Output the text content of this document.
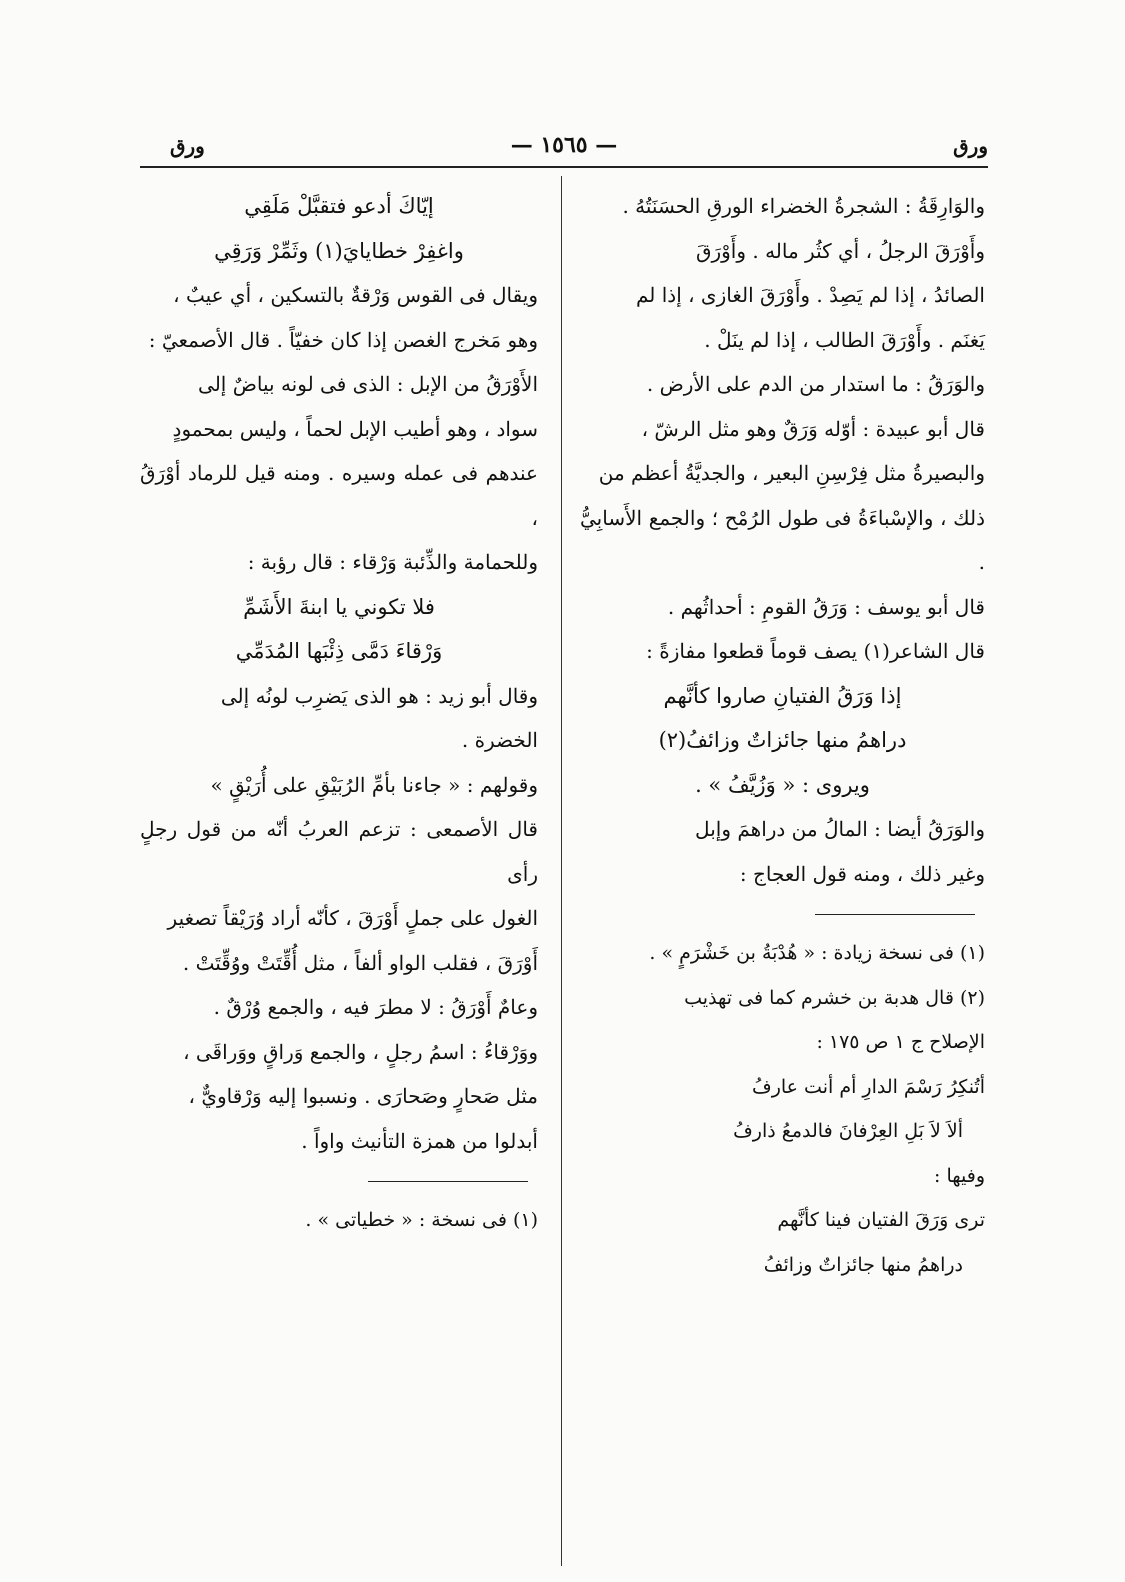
ورق
— ١٥٦٥ —
ورق

والوَارِقَةُ : الشجرةُ الخضراء الورقِ الحسَنَتُهُ .

وأَوْرَقَ الرجلُ ، أي كثُر ماله . وأَوْرَقَ

الصائدُ ، إذا لم يَصِدْ . وأَوْرَقَ الغازى ، إذا لم

يَغنَم . وأَوْرَقَ الطالب ، إذا لم ينَلْ .

والوَرَقُ : ما استدار من الدم على الأرض .

قال أبو عبيدة : أوّله وَرَقٌ وهو مثل الرشّ ،

والبصيرةُ مثل فِرْسِنِ البعير ، والجديَّةُ أعظم من

ذلك ، والإسْباءَةُ فى طول الرُمْح ؛ والجمع الأَسابِيُّ .

قال أبو يوسف : وَرَقُ القومِ : أحداثُهم .

قال الشاعر(١) يصف قوماً قطعوا مفازةً :

إذا وَرَقُ الفتيانِ صاروا كأنَّهم

دراهمُ منها جائزاتٌ وزائفُ(٢)

ويروى : « وَزُيَّفُ » .

والوَرَقُ أيضا : المالُ من دراهمَ وإبل

وغير ذلك ، ومنه قول العجاج :

(١) فى نسخة زيادة : « هُدْبَةُ بن خَشْرَمٍ » .

(٢) قال هدبة بن خشرم كما فى تهذيب

الإصلاح ج ١ ص ١٧٥ :

أتُنكِرُ رَسْمَ الدارِ أم أنت عارفُ

ألاَ لاَ بَلِ العِرْفانَ فالدمعُ ذارفُ

وفيها :

ترى وَرَقَ الفتيان فينا كأنَّهم

دراهمُ منها جائزاتٌ وزائفُ

إيّاكَ أدعو فتقبَّلْ مَلَقِي

واغفِرْ خطايايَ(١) وثَمِّرْ وَرَقِي

ويقال فى القوس وَرْقةٌ بالتسكين ، أي عيبٌ ،

وهو مَخرج الغصن إذا كان خفيّاً . قال الأصمعيّ :

الأَوْرَقُ من الإبل : الذى فى لونه بياضٌ إلى

سواد ، وهو أطيب الإبل لحماً ، وليس بمحمودٍ

عندهم فى عمله وسيره . ومنه قيل للرماد أوْرَقُ ،

وللحمامة والذِّئبة وَرْقاء : قال رؤبة :

فلا تكوني يا ابنةَ الأَشَمِّ

وَرْقاءَ دَمَّى ذِئْبَها المُدَمِّي

وقال أبو زيد : هو الذى يَضرِب لونُه إلى

الخضرة .

وقولهم : « جاءنا بأمِّ الرُبَيْقِ على أُرَيْقٍ »

قال الأصمعى : تزعم العربُ أنّه من قول رجلٍ رأى

الغول على جملٍ أَوْرَقَ ، كأنّه أراد وُرَيْقاً تصغير

أَوْرَقَ ، فقلب الواو ألفاً ، مثل أُقِّتَتْ ووُقِّتَتْ .

وعامٌ أَوْرَقُ : لا مطرَ فيه ، والجمع وُرْقٌ .

ووَرْقاءُ : اسمُ رجلٍ ، والجمع وَراقٍ ووَراقَى ،

مثل صَحارٍ وصَحارَى . ونسبوا إليه وَرْقاويٌّ ،

أبدلوا من همزة التأنيث واواً .

(١) فى نسخة : « خطياتى » .
